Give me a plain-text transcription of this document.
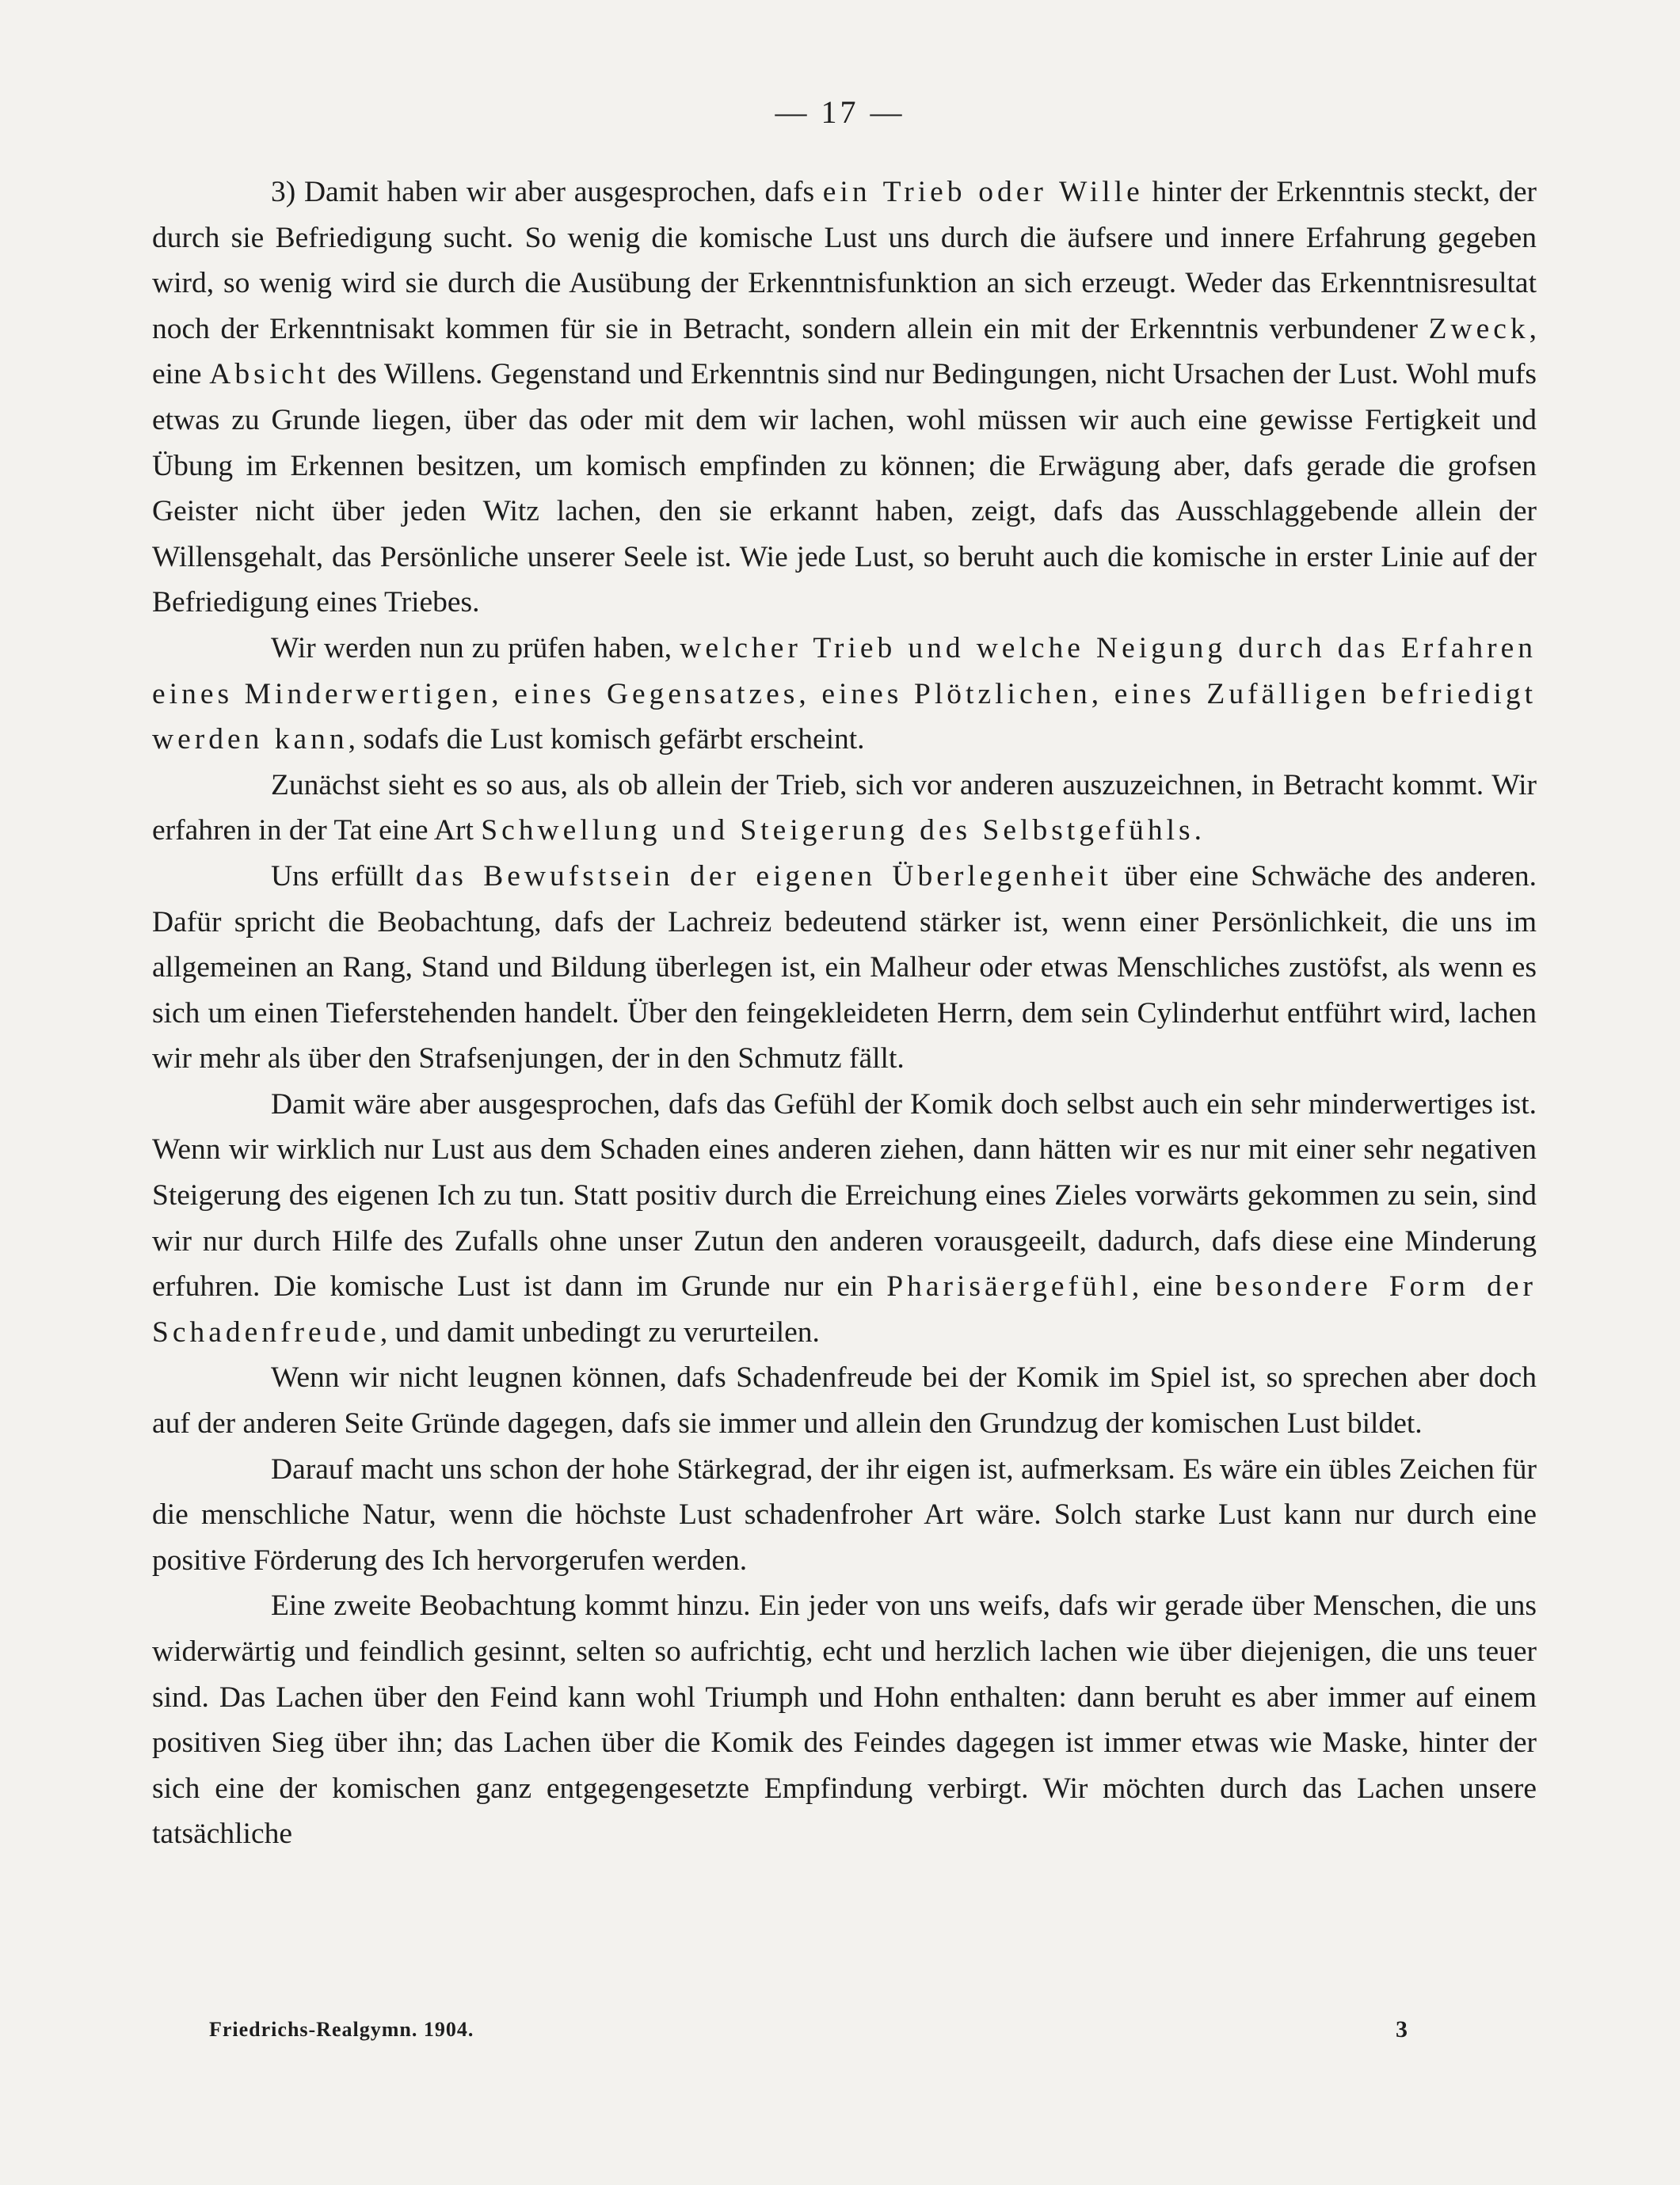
— 17 —

3) Damit haben wir aber ausgesprochen, dafs ein Trieb oder Wille hinter der Erkenntnis steckt, der durch sie Befriedigung sucht. So wenig die komische Lust uns durch die äufsere und innere Erfahrung gegeben wird, so wenig wird sie durch die Ausübung der Erkenntnisfunktion an sich erzeugt. Weder das Erkenntnisresultat noch der Erkenntnisakt kommen für sie in Betracht, sondern allein ein mit der Erkenntnis verbundener Zweck, eine Absicht des Willens. Gegenstand und Erkenntnis sind nur Bedingungen, nicht Ursachen der Lust. Wohl mufs etwas zu Grunde liegen, über das oder mit dem wir lachen, wohl müssen wir auch eine gewisse Fertigkeit und Übung im Erkennen besitzen, um komisch empfinden zu können; die Erwägung aber, dafs gerade die grofsen Geister nicht über jeden Witz lachen, den sie erkannt haben, zeigt, dafs das Ausschlaggebende allein der Willensgehalt, das Persönliche unserer Seele ist. Wie jede Lust, so beruht auch die komische in erster Linie auf der Befriedigung eines Triebes.

Wir werden nun zu prüfen haben, welcher Trieb und welche Neigung durch das Erfahren eines Minderwertigen, eines Gegensatzes, eines Plötzlichen, eines Zufälligen befriedigt werden kann, sodafs die Lust komisch gefärbt erscheint.

Zunächst sieht es so aus, als ob allein der Trieb, sich vor anderen auszuzeichnen, in Betracht kommt. Wir erfahren in der Tat eine Art Schwellung und Steigerung des Selbstgefühls.

Uns erfüllt das Bewufstsein der eigenen Überlegenheit über eine Schwäche des anderen. Dafür spricht die Beobachtung, dafs der Lachreiz bedeutend stärker ist, wenn einer Persönlichkeit, die uns im allgemeinen an Rang, Stand und Bildung überlegen ist, ein Malheur oder etwas Menschliches zustöfst, als wenn es sich um einen Tieferstehenden handelt. Über den feingekleideten Herrn, dem sein Cylinderhut entführt wird, lachen wir mehr als über den Strafsenjungen, der in den Schmutz fällt.

Damit wäre aber ausgesprochen, dafs das Gefühl der Komik doch selbst auch ein sehr minderwertiges ist. Wenn wir wirklich nur Lust aus dem Schaden eines anderen ziehen, dann hätten wir es nur mit einer sehr negativen Steigerung des eigenen Ich zu tun. Statt positiv durch die Erreichung eines Zieles vorwärts gekommen zu sein, sind wir nur durch Hilfe des Zufalls ohne unser Zutun den anderen vorausgeeilt, dadurch, dafs diese eine Minderung erfuhren. Die komische Lust ist dann im Grunde nur ein Pharisäergefühl, eine besondere Form der Schadenfreude, und damit unbedingt zu verurteilen.

Wenn wir nicht leugnen können, dafs Schadenfreude bei der Komik im Spiel ist, so sprechen aber doch auf der anderen Seite Gründe dagegen, dafs sie immer und allein den Grundzug der komischen Lust bildet.

Darauf macht uns schon der hohe Stärkegrad, der ihr eigen ist, aufmerksam. Es wäre ein übles Zeichen für die menschliche Natur, wenn die höchste Lust schadenfroher Art wäre. Solch starke Lust kann nur durch eine positive Förderung des Ich hervorgerufen werden.

Eine zweite Beobachtung kommt hinzu. Ein jeder von uns weifs, dafs wir gerade über Menschen, die uns widerwärtig und feindlich gesinnt, selten so aufrichtig, echt und herzlich lachen wie über diejenigen, die uns teuer sind. Das Lachen über den Feind kann wohl Triumph und Hohn enthalten: dann beruht es aber immer auf einem positiven Sieg über ihn; das Lachen über die Komik des Feindes dagegen ist immer etwas wie Maske, hinter der sich eine der komischen ganz entgegengesetzte Empfindung verbirgt. Wir möchten durch das Lachen unsere tatsächliche

Friedrichs-Realgymn. 1904.	3
